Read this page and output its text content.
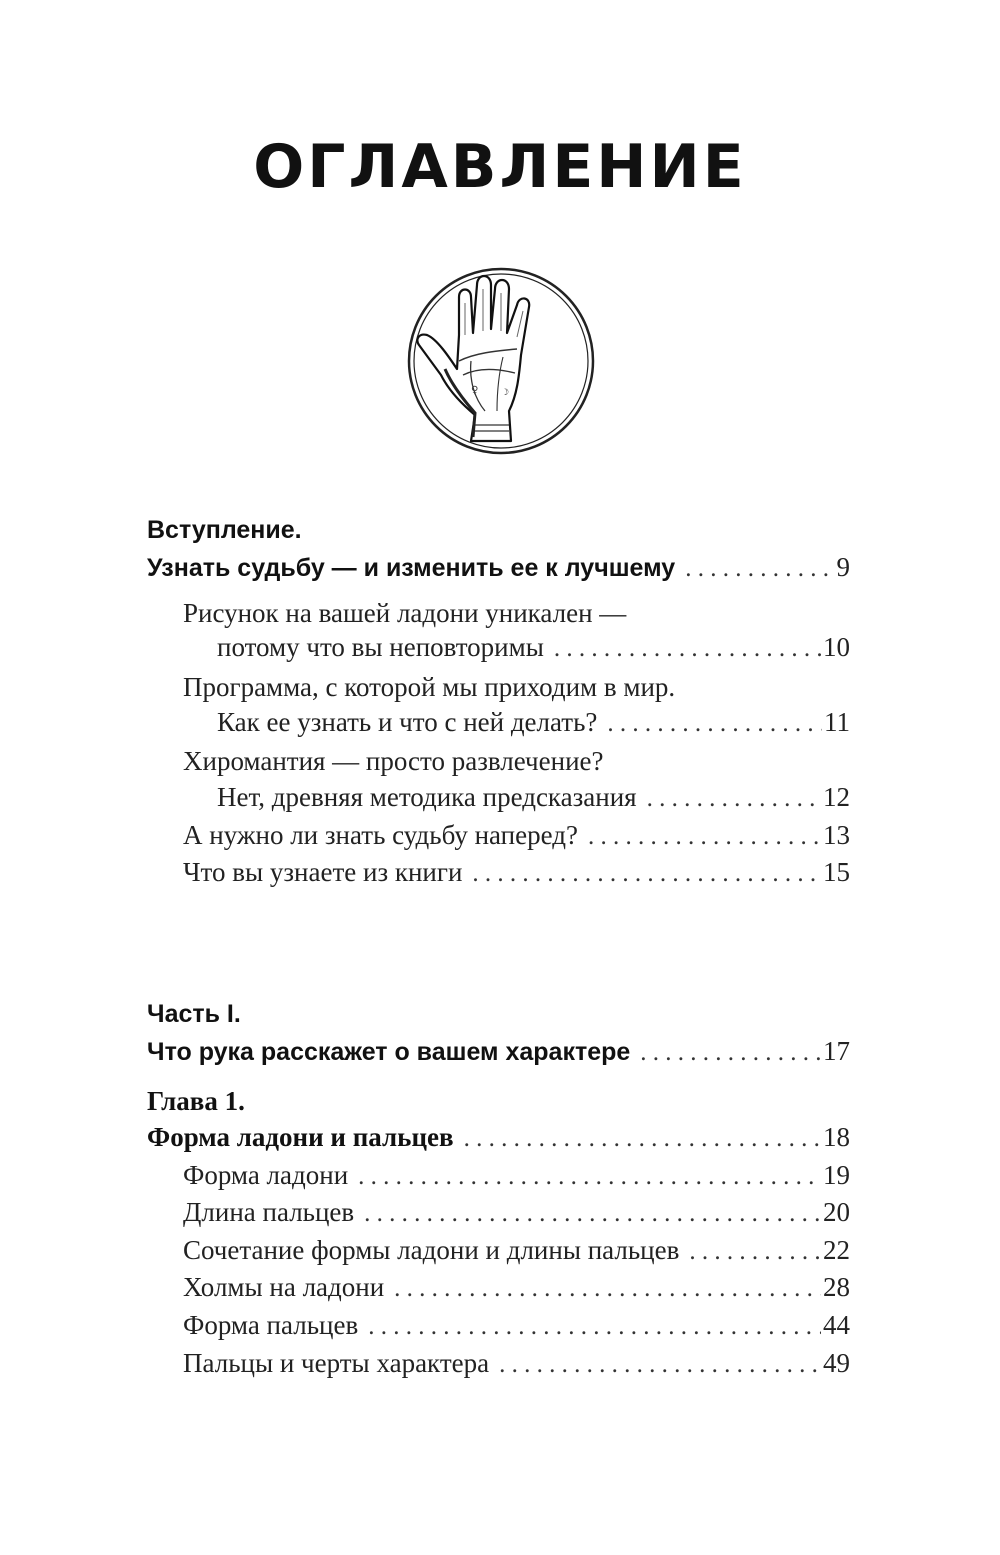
ОГЛАВЛЕНИЕ
♀	☽
Вступление.
Узнать судьбу — и изменить ее к лучшему . . .	9
Рисунок на вашей ладони уникален —
потому что вы неповторимы . . .	10
Программа, с которой мы приходим в мир.
Как ее узнать и что с ней делать? . . .	11
Хиромантия — просто развлечение?
Нет, древняя методика предсказания . . .	12
А нужно ли знать судьбу наперед? . . .	13
Что вы узнаете из книги . . .	15
Часть I.
Что рука расскажет о вашем характере . . .	17
Глава 1.
Форма ладони и пальцев . . .	18
Форма ладони . . .	19
Длина пальцев . . .	20
Сочетание формы ладони и длины пальцев . . .	22
Холмы на ладони . . .	28
Форма пальцев . . .	44
Пальцы и черты характера . . .	49
